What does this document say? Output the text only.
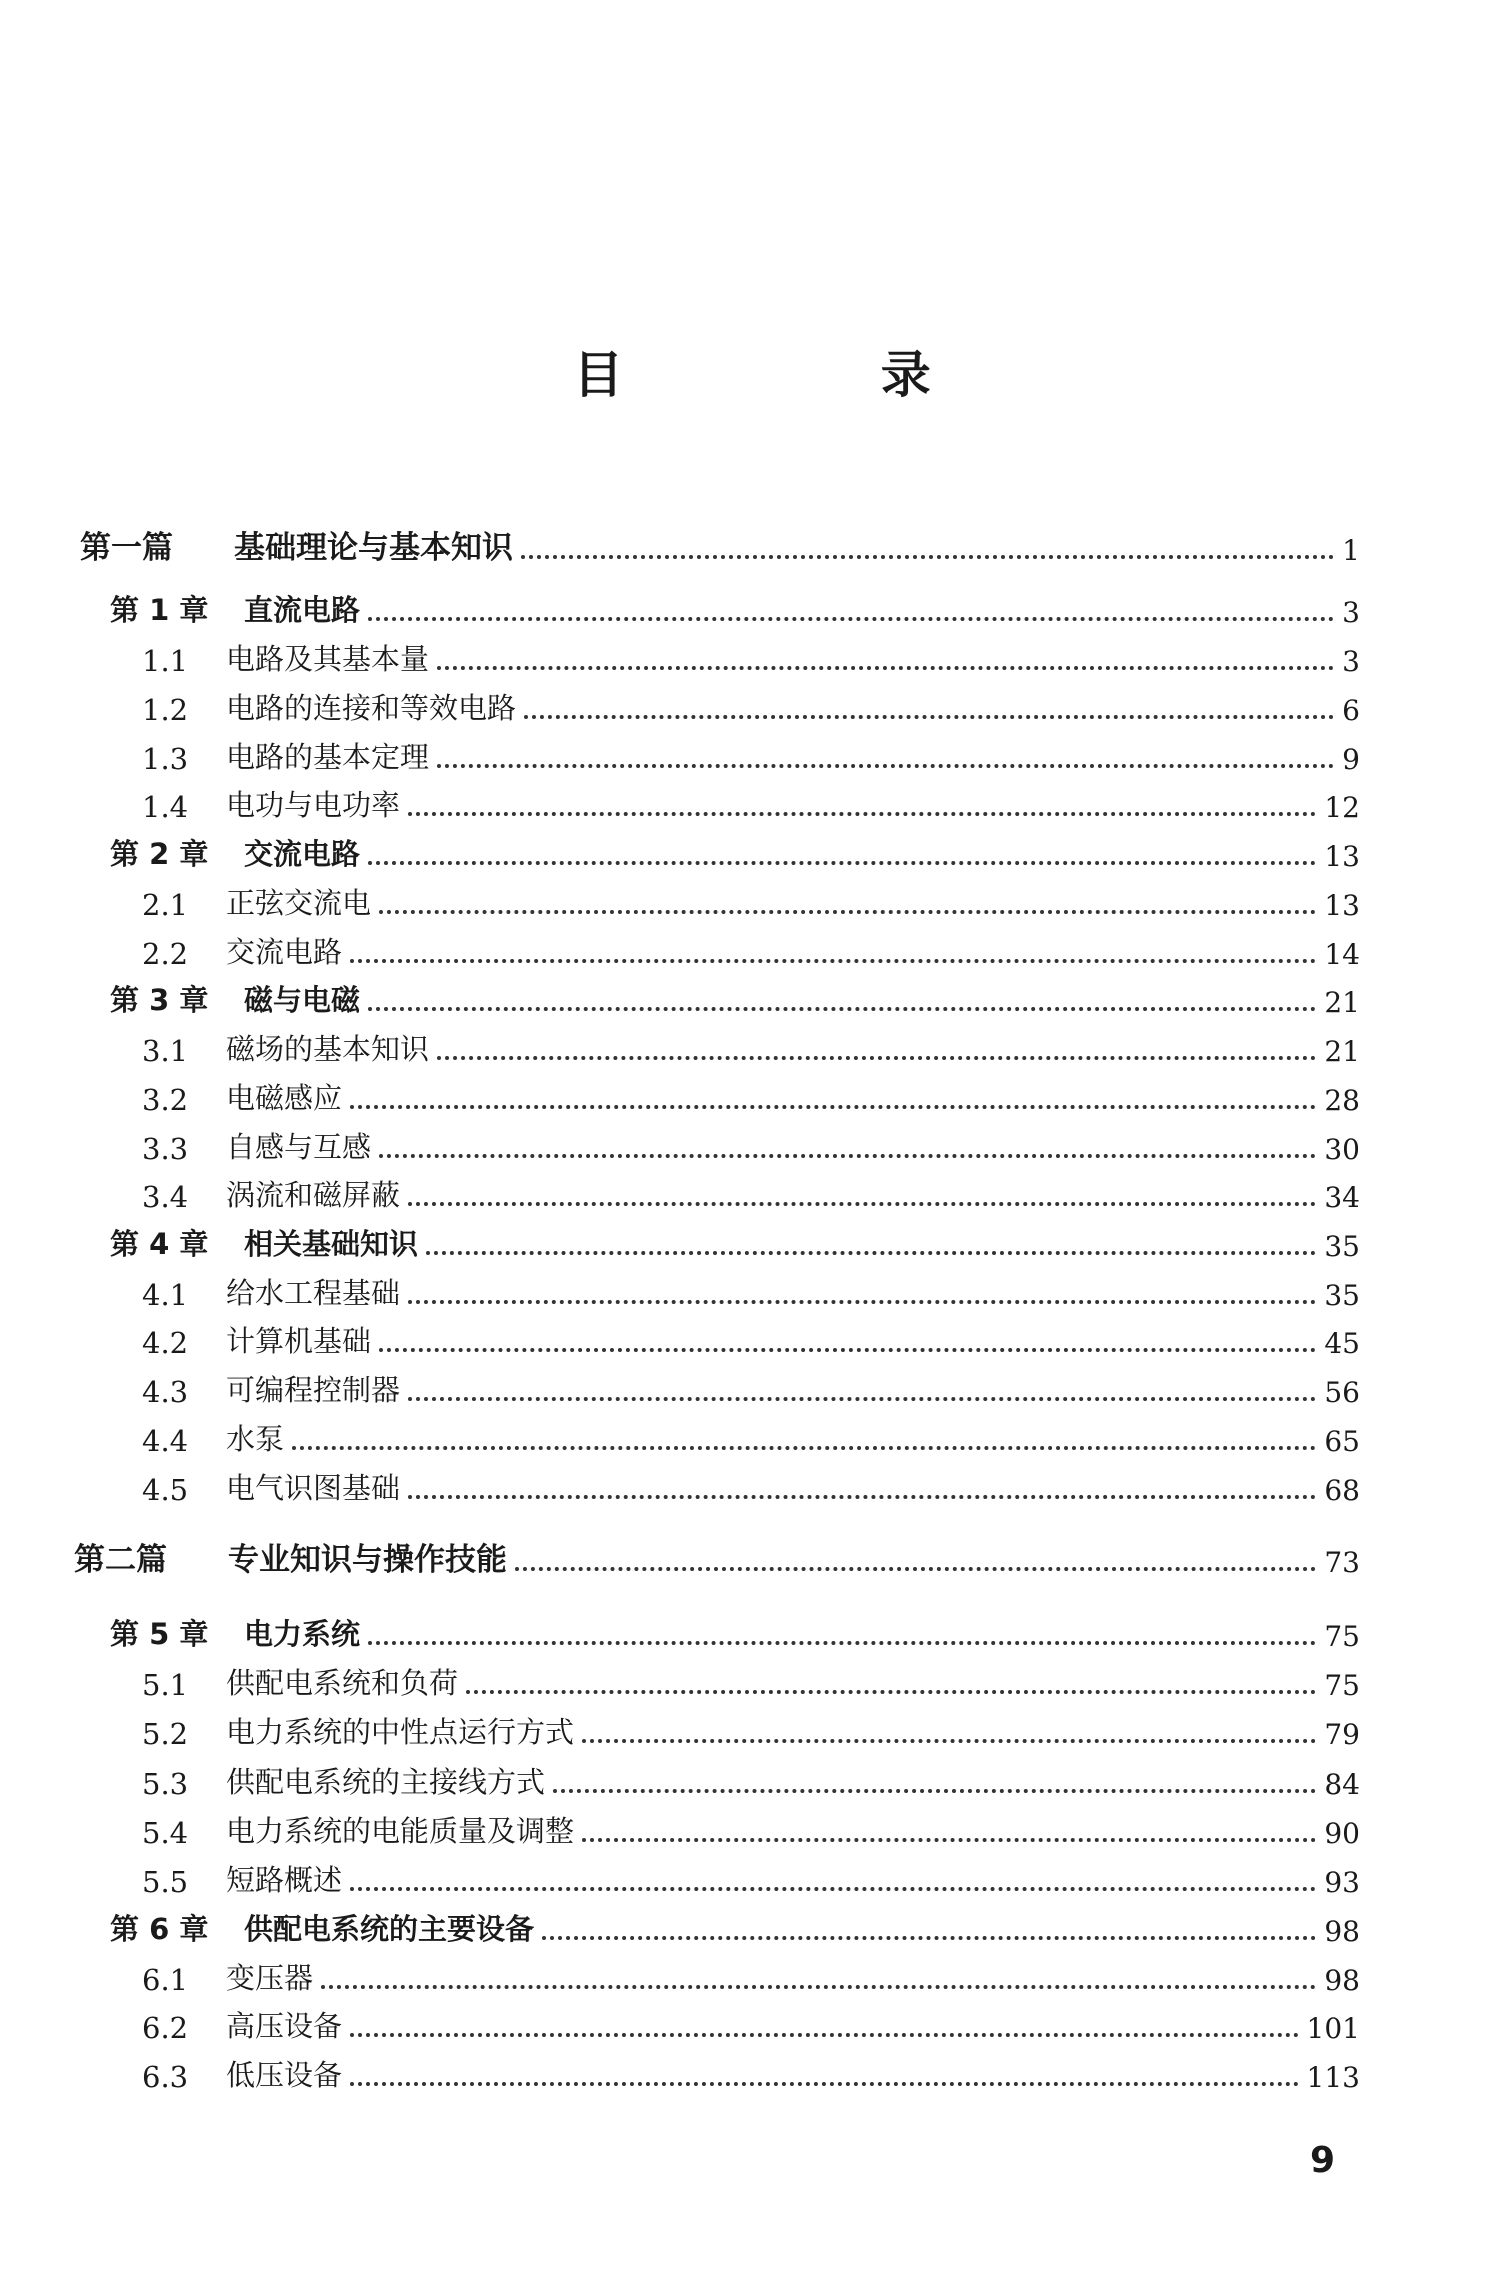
目 录
第一篇	基础理论与基本知识	1
第 1 章	直流电路	3
1.1	电路及其基本量	3
1.2	电路的连接和等效电路	6
1.3	电路的基本定理	9
1.4	电功与电功率	12
第 2 章	交流电路	13
2.1	正弦交流电	13
2.2	交流电路	14
第 3 章	磁与电磁	21
3.1	磁场的基本知识	21
3.2	电磁感应	28
3.3	自感与互感	30
3.4	涡流和磁屏蔽	34
第 4 章	相关基础知识	35
4.1	给水工程基础	35
4.2	计算机基础	45
4.3	可编程控制器	56
4.4	水泵	65
4.5	电气识图基础	68
第二篇	专业知识与操作技能	73
第 5 章	电力系统	75
5.1	供配电系统和负荷	75
5.2	电力系统的中性点运行方式	79
5.3	供配电系统的主接线方式	84
5.4	电力系统的电能质量及调整	90
5.5	短路概述	93
第 6 章	供配电系统的主要设备	98
6.1	变压器	98
6.2	高压设备	101
6.3	低压设备	113
9
